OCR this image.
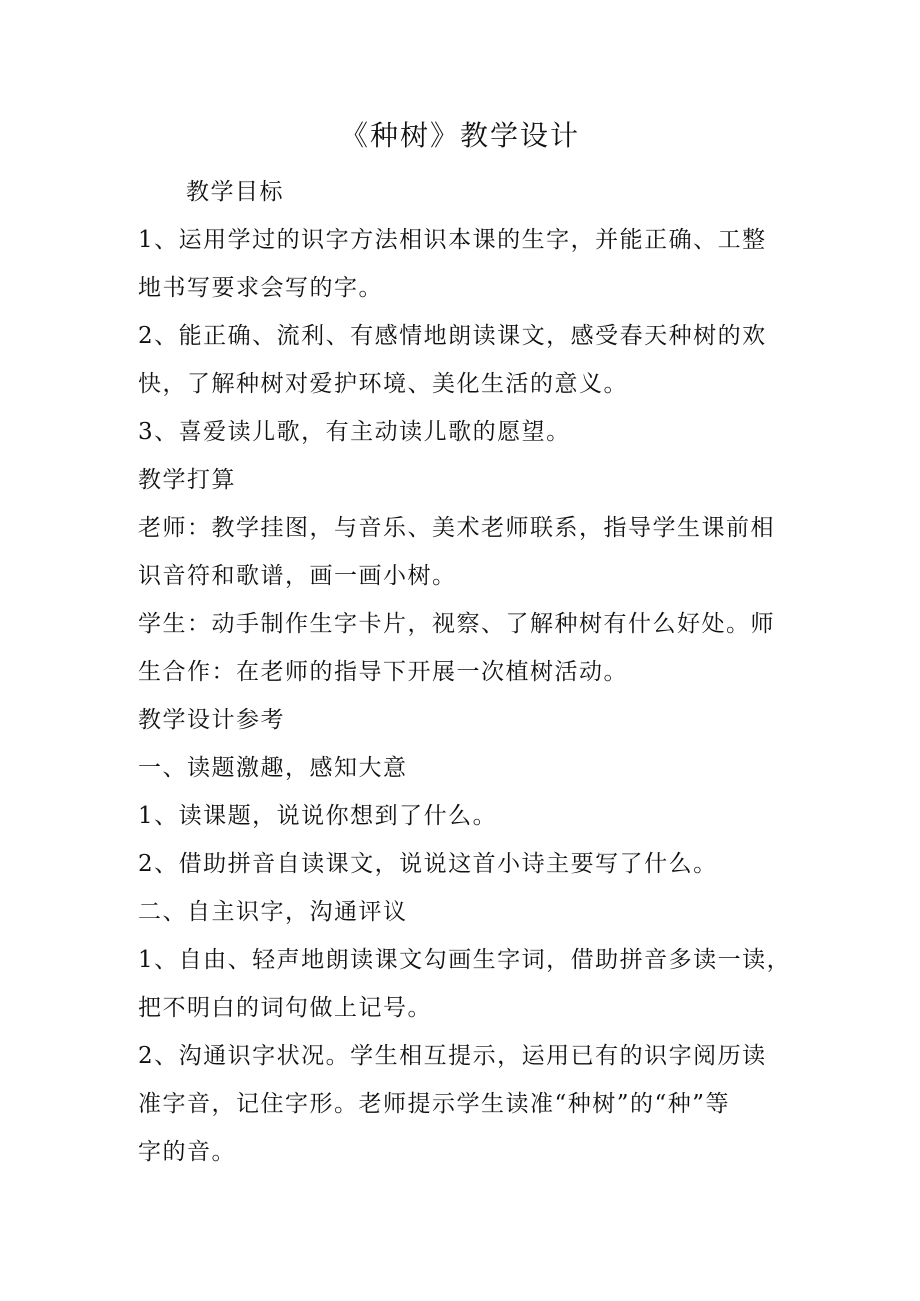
《种树》教学设计

教学目标

1、运用学过的识字方法相识本课的生字，并能正确、工整

地书写要求会写的字。

2、能正确、流利、有感情地朗读课文，感受春天种树的欢

快，了解种树对爱护环境、美化生活的意义。

3、喜爱读儿歌，有主动读儿歌的愿望。

教学打算

老师：教学挂图，与音乐、美术老师联系，指导学生课前相

识音符和歌谱，画一画小树。

学生：动手制作生字卡片，视察、了解种树有什么好处。师

生合作：在老师的指导下开展一次植树活动。

教学设计参考

一、读题激趣，感知大意

1、读课题，说说你想到了什么。

2、借助拼音自读课文，说说这首小诗主要写了什么。

二、自主识字，沟通评议

1、自由、轻声地朗读课文勾画生字词，借助拼音多读一读，

把不明白的词句做上记号。

2、沟通识字状况。学生相互提示，运用已有的识字阅历读

准字音，记住字形。老师提示学生读准“种树”的“种”等

字的音。
